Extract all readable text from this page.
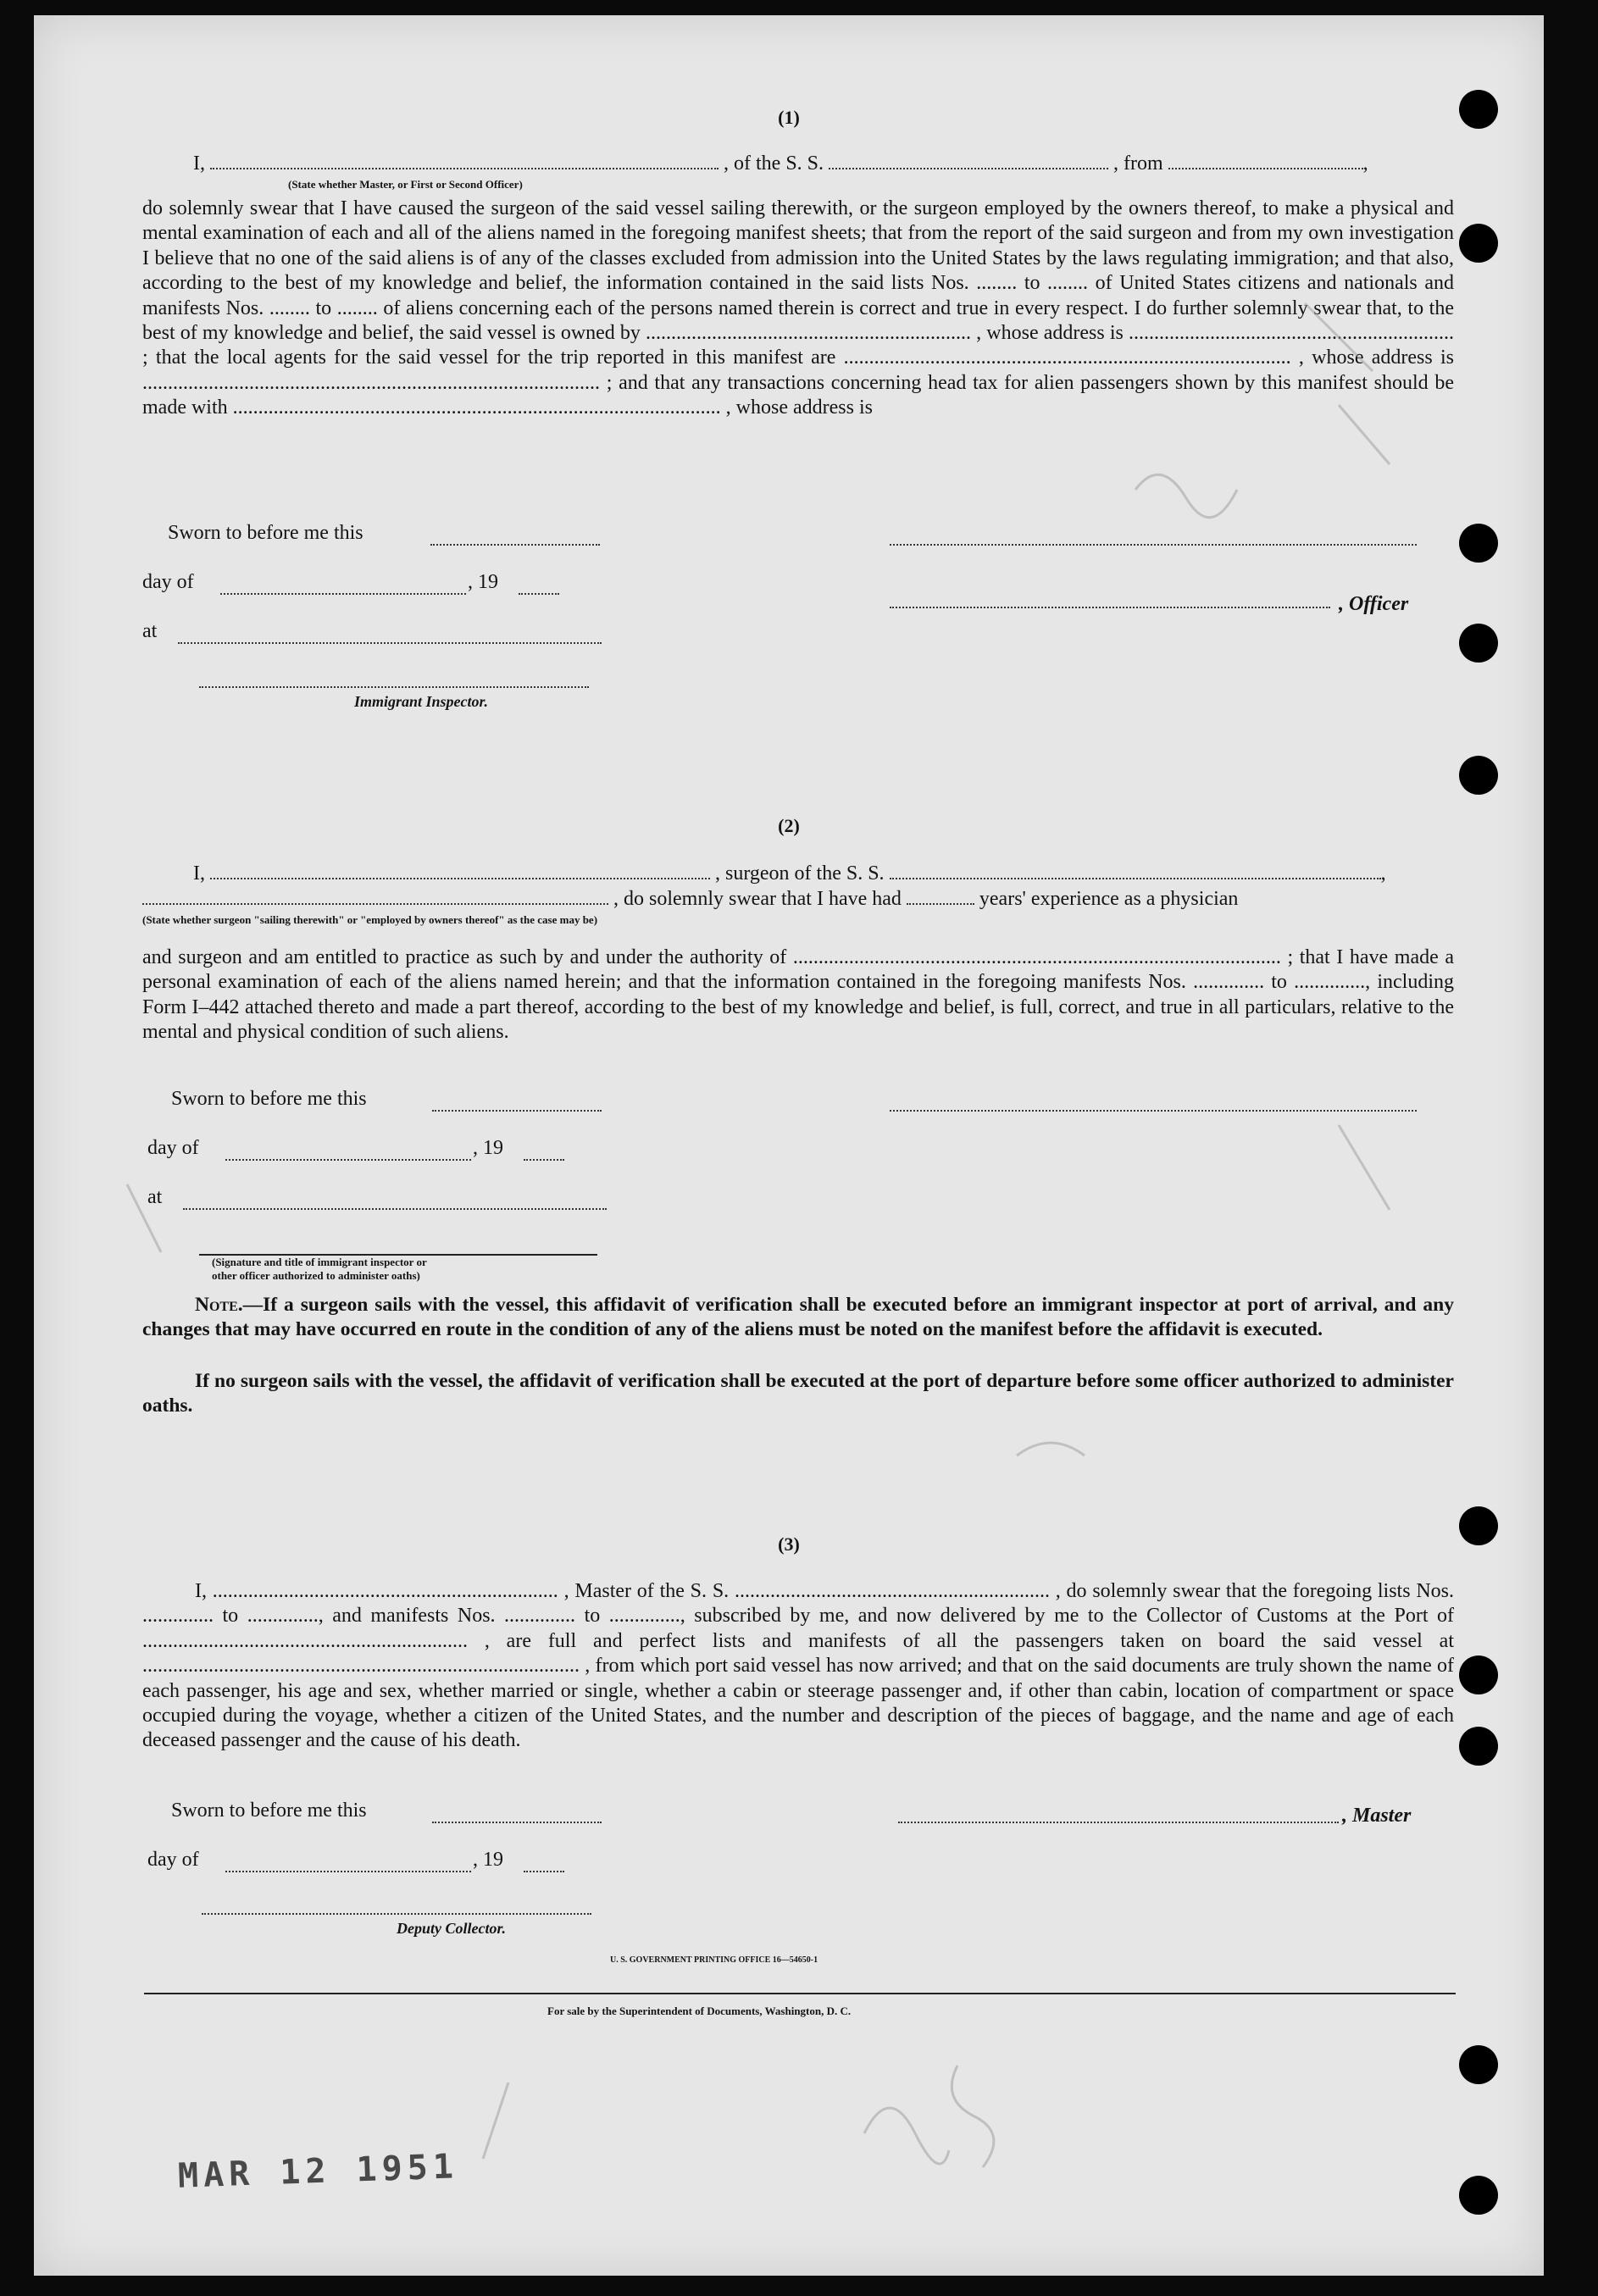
(1)
I,	, of the S. S.	, from	,
(State whether Master, or First or Second Officer)
do solemnly swear that I have caused the surgeon of the said vessel sailing therewith, or the surgeon employed by the owners thereof, to make a physical and mental examination of each and all of the aliens named in the foregoing manifest sheets; that from the report of the said surgeon and from my own investigation I believe that no one of the said aliens is of any of the classes excluded from admission into the United States by the laws regulating immigration; and that also, according to the best of my knowledge and belief, the information contained in the said lists Nos. ........ to ........ of United States citizens and nationals and manifests Nos. ........ to ........ of aliens concerning each of the persons named therein is correct and true in every respect. I do further solemnly swear that, to the best of my knowledge and belief, the said vessel is owned by ................................................................ , whose address is ................................................................ ; that the local agents for the said vessel for the trip reported in this manifest are ........................................................................................ , whose address is .......................................................................................... ; and that any transactions concerning head tax for alien passengers shown by this manifest should be made with ................................................................................................ , whose address is
Sworn to before me this
day of	, 19
, Officer
at
Immigrant Inspector.
(2)
I,	, surgeon of the S. S.	,
, do solemnly swear that I have had	years' experience as a physician
(State whether surgeon "sailing therewith" or "employed by owners thereof" as the case may be)
and surgeon and am entitled to practice as such by and under the authority of ................................................................................................ ; that I have made a personal examination of each of the aliens named herein; and that the information contained in the foregoing manifests Nos. .............. to .............., including Form I–442 attached thereto and made a part thereof, according to the best of my knowledge and belief, is full, correct, and true in all particulars, relative to the mental and physical condition of such aliens.
Sworn to before me this
day of	, 19
at
(Signature and title of immigrant inspector or
other officer authorized to administer oaths)
Note.—If a surgeon sails with the vessel, this affidavit of verification shall be executed before an immigrant inspector at port of arrival, and any changes that may have occurred en route in the condition of any of the aliens must be noted on the manifest before the affidavit is executed.
If no surgeon sails with the vessel, the affidavit of verification shall be executed at the port of departure before some officer authorized to administer oaths.
(3)
I, .................................................................... , Master of the S. S. .............................................................. , do solemnly swear that the foregoing lists Nos. .............. to .............., and manifests Nos. .............. to .............., subscribed by me, and now delivered by me to the Collector of Customs at the Port of ................................................................ , are full and perfect lists and manifests of all the passengers taken on board the said vessel at ...................................................................................... , from which port said vessel has now arrived; and that on the said documents are truly shown the name of each passenger, his age and sex, whether married or single, whether a cabin or steerage passenger and, if other than cabin, location of compartment or space occupied during the voyage, whether a citizen of the United States, and the number and description of the pieces of baggage, and the name and age of each deceased passenger and the cause of his death.
Sworn to before me this	, Master
day of	, 19
Deputy Collector.
U. S. GOVERNMENT PRINTING OFFICE 16—54650-1
For sale by the Superintendent of Documents, Washington, D. C.
MAR 12 1951
